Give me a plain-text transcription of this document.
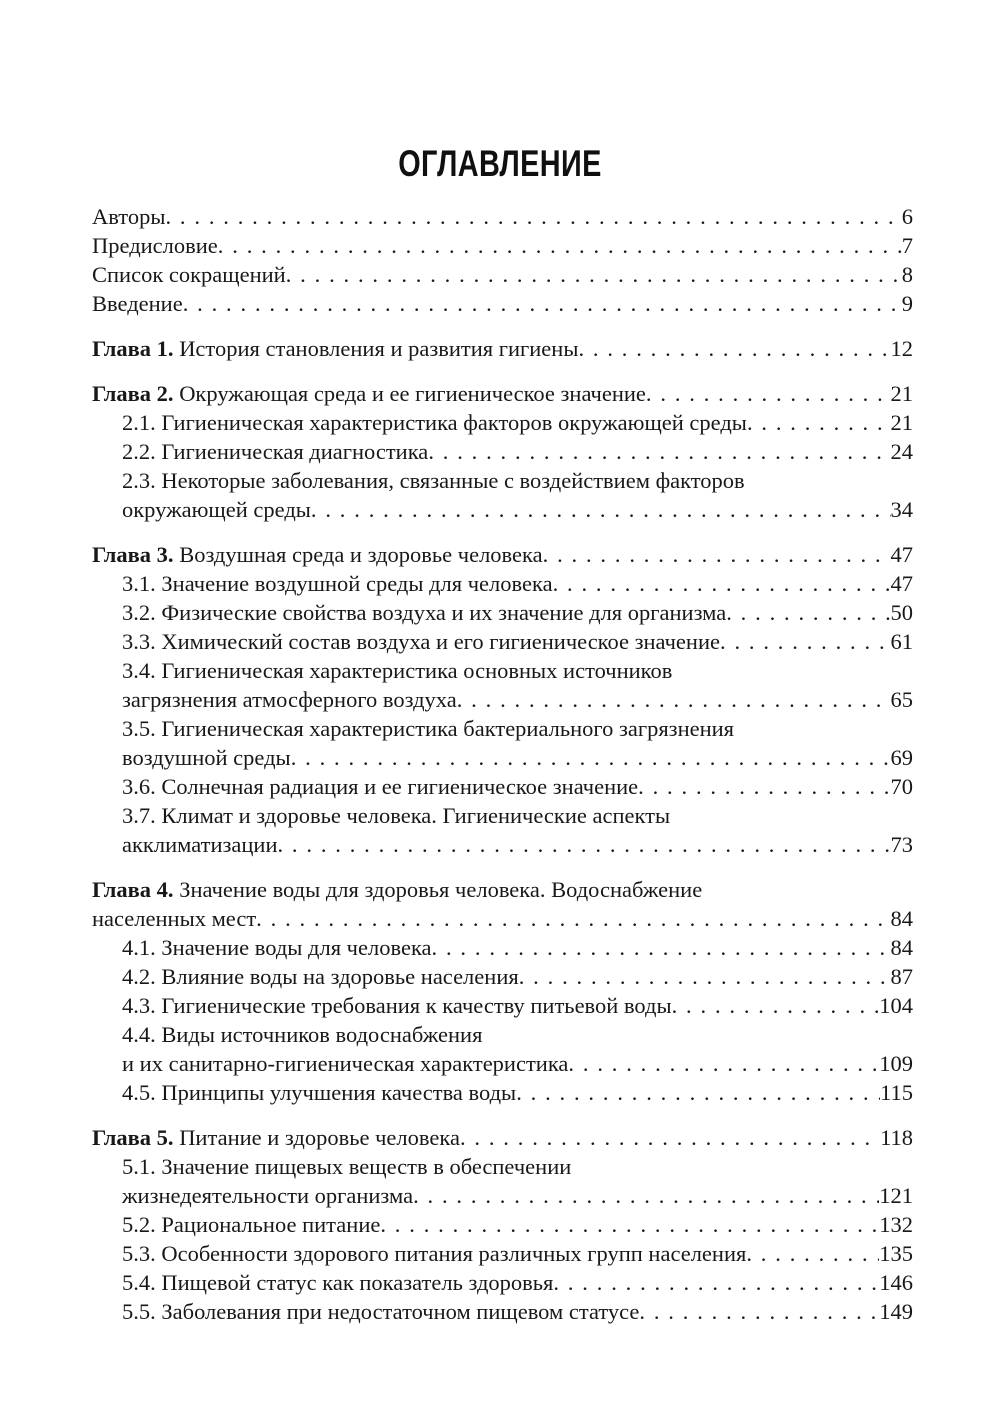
ОГЛАВЛЕНИЕ
Авторы . . .	6
Предисловие . . .	7
Список сокращений . . .	8
Введение . . .	9
Глава 1. История становления и развития гигиены . . .	12
Глава 2. Окружающая среда и ее гигиеническое значение . . .	21
2.1. Гигиеническая характеристика факторов окружающей среды . . .	21
2.2. Гигиеническая диагностика . . .	24
2.3. Некоторые заболевания, связанные с воздействием факторов
окружающей среды . . .	34
Глава 3. Воздушная среда и здоровье человека . . .	47
3.1. Значение воздушной среды для человека . . .	47
3.2. Физические свойства воздуха и их значение для организма . . .	50
3.3. Химический состав воздуха и его гигиеническое значение . . .	61
3.4. Гигиеническая характеристика основных источников
загрязнения атмосферного воздуха . . .	65
3.5. Гигиеническая характеристика бактериального загрязнения
воздушной среды . . .	69
3.6. Солнечная радиация и ее гигиеническое значение . . .	70
3.7. Климат и здоровье человека. Гигиенические аспекты
акклиматизации . . .	73
Глава 4. Значение воды для здоровья человека. Водоснабжение
населенных мест . . .	84
4.1. Значение воды для человека . . .	84
4.2. Влияние воды на здоровье населения . . .	87
4.3. Гигиенические требования к качеству питьевой воды . . .	104
4.4. Виды источников водоснабжения
и их санитарно-гигиеническая характеристика . . .	109
4.5. Принципы улучшения качества воды . . .	115
Глава 5. Питание и здоровье человека . . .	118
5.1. Значение пищевых веществ в обеспечении
жизнедеятельности организма . . .	121
5.2. Рациональное питание . . .	132
5.3. Особенности здорового питания различных групп населения . . .	135
5.4. Пищевой статус как показатель здоровья . . .	146
5.5. Заболевания при недостаточном пищевом статусе . . .	149
